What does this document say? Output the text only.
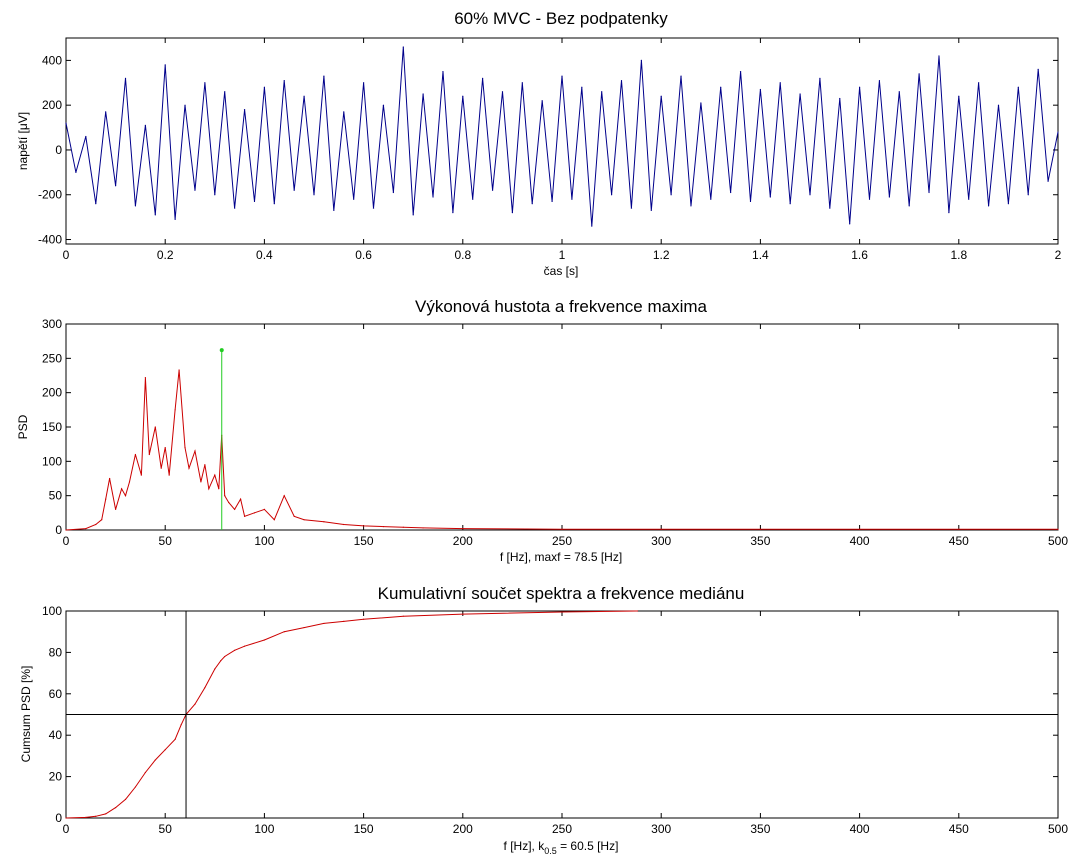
60% MVC - Bez podpatenky
0	0.2	0.4	0.6	0.8	1	1.2	1.4	1.6	1.8	2
-400
-200
0
200
400
čas [s]
napětí [μV]
Výkonová hustota a frekvence maxima
0	50	100	150	200	250	300	350	400	450	500
0
50
100
150
200
250
300
f [Hz], maxf = 78.5 [Hz]
PSD
Kumulativní součet spektra a frekvence mediánu
0	50	100	150	200	250	300	350	400	450	500
0
20
40
60
80
100
f [Hz], $k_{0.5} = 60.5$ [Hz]
Cumsum PSD [%]
